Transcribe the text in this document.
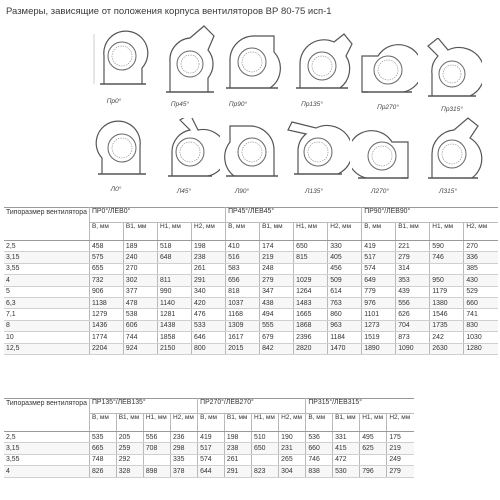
Размеры, зависящие от положения корпуса вентиляторов ВР 80-75 исп-1
Пр0°	Пр45°	Пр90°	Пр135°	Пр270°	Пр315°
Л0°	Л45°	Л90°	Л135°	Л270°	Л315°
Типоразмер вентилятора	ПР0°/ЛЕВ0°				ПР45°/ЛЕВ45°				ПР90°/ЛЕВ90°			
	В, мм	В1, мм	Н1, мм	Н2, мм	В, мм	В1, мм	Н1, мм	Н2, мм	В, мм	В1, мм	Н1, мм	Н2, мм
2,5	458	189	518	198	410	174	650	330	419	221	590	270
3,15	575	240	648	238	516	219	815	405	517	279	746	336
3,55	655	270		261	583	248		456	574	314		385
4	732	302	811	291	656	279	1029	509	649	353	950	430
5	906	377	990	340	818	347	1264	614	779	439	1179	529
6,3	1138	478	1140	420	1037	438	1483	763	976	556	1380	660
7,1	1279	538	1281	476	1168	494	1665	860	1101	626	1546	741
8	1436	606	1438	533	1309	555	1868	963	1273	704	1735	830
10	1774	744	1858	646	1617	679	2396	1184	1519	873	242	1030
12,5	2204	924	2150	800	2015	842	2820	1470	1890	1090	2630	1280
Типоразмер вентилятора	ПР135°/ЛЕВ135°				ПР270°/ЛЕВ270°				ПР315°/ЛЕВ315°			
	В, мм	В1, мм	Н1, мм	Н2, мм	В, мм	В1, мм	Н1, мм	Н2, мм	В, мм	В1, мм	Н1, мм	Н2, мм
2,5	535	205	556	236	419	198	510	190	536	331	495	175
3,15	665	259	708	298	517	238	650	231	660	415	625	219
3,55	748	292		335	574	261		265	746	472		249
4	826	328	898	378	644	291	823	304	838	530	796	279
